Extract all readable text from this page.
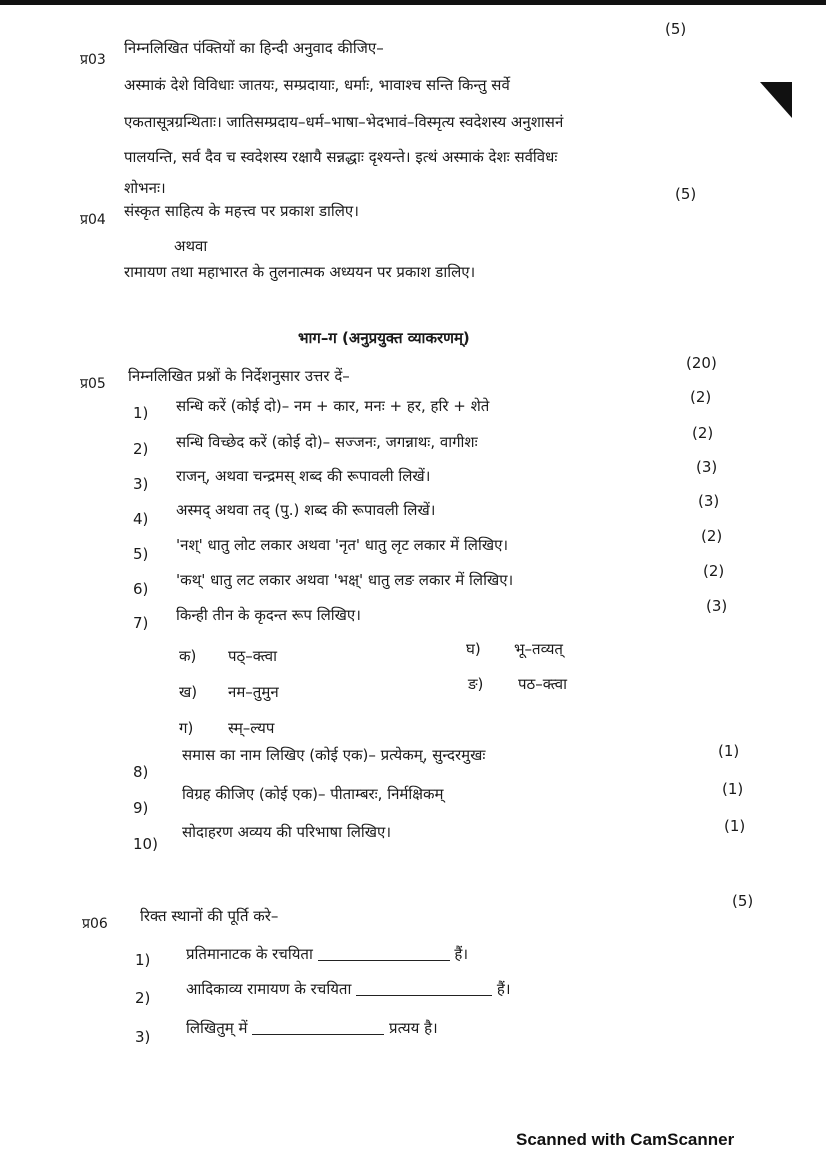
प्र03
निम्नलिखित पंक्तियों का हिन्दी अनुवाद कीजिए–
(5)
अस्माकं देशे विविधाः जातयः, सम्प्रदायाः, धर्माः, भावाश्च सन्ति किन्तु सर्वे
एकतासूत्रग्रन्थिताः। जातिसम्प्रदाय–धर्म–भाषा–भेदभावं–विस्मृत्य स्वदेशस्य अनुशासनं
पालयन्ति, सर्व दैव च स्वदेशस्य रक्षायै सन्नद्धाः दृश्यन्ते। इत्थं अस्माकं देशः सर्वविधः
शोभनः।
प्र04 संस्कृत साहित्य के महत्त्व पर प्रकाश डालिए।
(5)
अथवा
रामायण तथा महाभारत के तुलनात्मक अध्ययन पर प्रकाश डालिए।
भाग–ग (अनुप्रयुक्त व्याकरणम्)
प्र05 निम्नलिखित प्रश्नों के निर्देशनुसार उत्तर दें–
(20)
1) सन्धि करें (कोई दो)– नम + कार, मनः + हर, हरि + शेते	(2)
2) सन्धि विच्छेद करें (कोई दो)– सज्जनः, जगन्नाथः, वागीशः	(2)
3) राजन्, अथवा चन्द्रमस् शब्द की रूपावली लिखें।	(3)
4) अस्मद् अथवा तद् (पु.) शब्द की रूपावली लिखें।	(3)
5) 'नश्' धातु लोट लकार अथवा 'नृत' धातु लृट लकार में लिखिए।	(2)
6) 'कथ्' धातु लट लकार अथवा 'भक्ष्' धातु लङ लकार में लिखिए।	(2)
7) किन्ही तीन के कृदन्त रूप लिखिए।	(3)
क) पठ्–क्त्वा	घ) भू–तव्यत्
ख) नम–तुमुन	ङ) पठ–क्त्वा
ग) स्म्–ल्यप
8)
समास का नाम लिखिए (कोई एक)– प्रत्येकम्, सुन्दरमुखः	(1)
9)
विग्रह कीजिए (कोई एक)– पीताम्बरः, निर्मक्षिकम्	(1)
10)
सोदाहरण अव्यय की परिभाषा लिखिए।	(1)
प्र06 रिक्त स्थानों की पूर्ति करे–
(5)
1) प्रतिमानाटक के रचयिता	हैं।
2) आदिकाव्य रामायण के रचयिता	हैं।
3) लिखितुम् में	प्रत्यय है।
Scanned with CamScanner
